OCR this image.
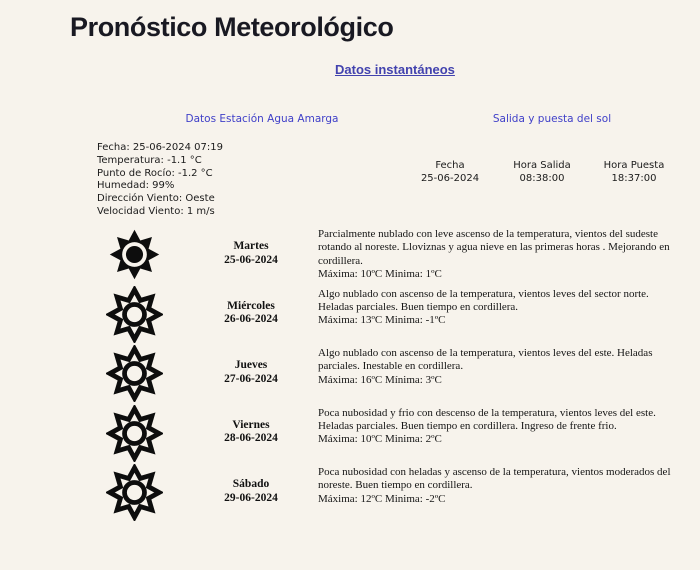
Pronóstico Meteorológico
Datos instantáneos
Datos Estación Agua Amarga	Salida y puesta del sol
Fecha: 25-06-2024 07:19
Temperatura: -1.1 °C
Punto de Rocío: -1.2 °C
Humedad: 99%
Dirección Viento: Oeste
Velocidad Viento: 1 m/s
Fecha
25-06-2024
Hora Salida
08:38:00
Hora Puesta
18:37:00
Martes
25-06-2024
Parcialmente nublado con leve ascenso de la temperatura, vientos del sudeste rotando al noreste. Lloviznas y agua nieve en las primeras horas . Mejorando en cordillera.
Máxima: 10ºC Minima: 1ºC
Miércoles
26-06-2024
Algo nublado con ascenso de la temperatura, vientos leves del sector norte. Heladas parciales. Buen tiempo en cordillera.
Máxima: 13ºC Minima: -1ºC
Jueves
27-06-2024
Algo nublado con ascenso de la temperatura, vientos leves del este. Heladas parciales. Inestable en cordillera.
Máxima: 16ºC Mínima: 3ºC
Viernes
28-06-2024
Poca nubosidad y frio con descenso de la temperatura, vientos leves del este. Heladas parciales. Buen tiempo en cordillera. Ingreso de frente frio.
Máxima: 10ºC Minima: 2ºC
Sábado
29-06-2024
Poca nubosidad con heladas y ascenso de la temperatura, vientos moderados del noreste. Buen tiempo en cordillera.
Máxima: 12ºC Minima: -2ºC
